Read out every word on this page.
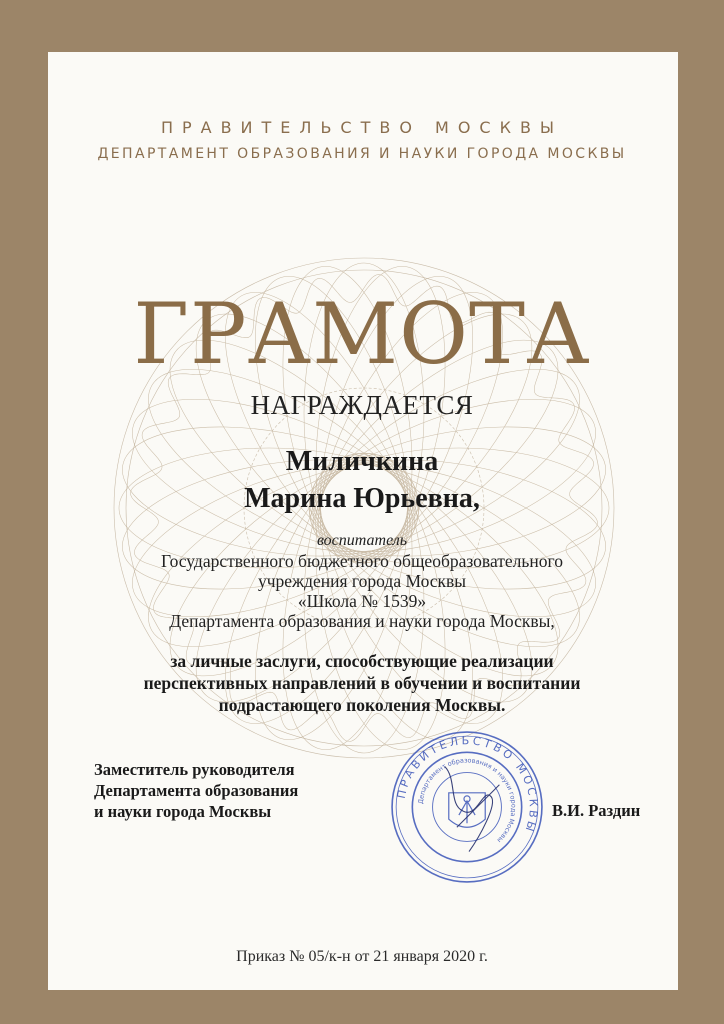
ПРАВИТЕЛЬСТВО МОСКВЫ
ДЕПАРТАМЕНТ ОБРАЗОВАНИЯ И НАУКИ ГОРОДА МОСКВЫ
ГРАМОТА
НАГРАЖДАЕТСЯ
Миличкина
Марина Юрьевна,
воспитатель
Государственного бюджетного общеобразовательного
учреждения города Москвы
«Школа № 1539»
Департамента образования и науки города Москвы,
за личные заслуги, способствующие реализации
перспективных направлений в обучении и воспитании
подрастающего поколения Москвы.
Заместитель руководителя
Департамента образования
и науки города Москвы
ПРАВИТЕЛЬСТВО МОСКВЫ
Департамент образования и науки города Москвы
В.И. Раздин
Приказ № 05/к-н от 21 января 2020 г.
